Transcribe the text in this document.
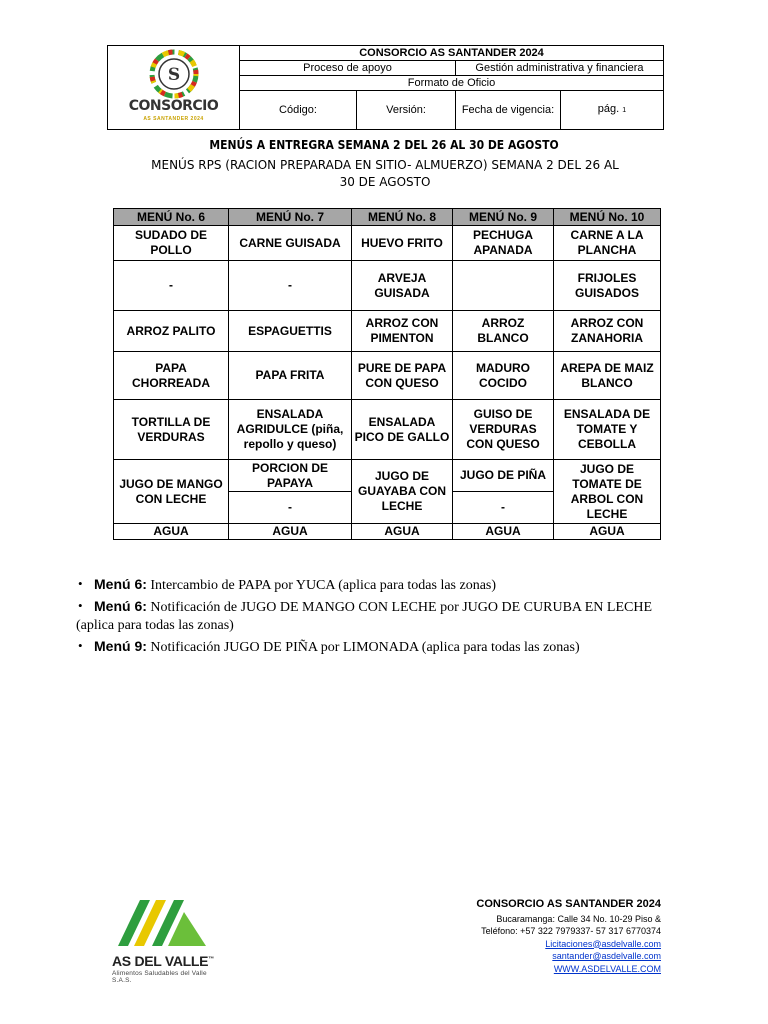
S
CONSORCIO
AS SANTANDER 2024	CONSORCIO AS SANTANDER 2024			
	Proceso de apoyo		Gestión administrativa y financiera	
	Formato de Oficio			
	Código:	Versión:	Fecha de vigencia:	pág. 1
MENÚS A ENTREGRA SEMANA 2 DEL 26 AL 30 DE AGOSTO
MENÚS RPS (RACION PREPARADA EN SITIO- ALMUERZO) SEMANA 2 DEL 26 AL 30 DE AGOSTO
MENÚ No. 6	MENÚ No. 7	MENÚ No. 8	MENÚ No. 9	MENÚ No. 10
SUDADO DE POLLO	CARNE GUISADA	HUEVO FRITO	PECHUGA APANADA	CARNE A LA PLANCHA
-	-	ARVEJA GUISADA		FRIJOLES GUISADOS
ARROZ PALITO	ESPAGUETTIS	ARROZ CON PIMENTON	ARROZ BLANCO	ARROZ CON ZANAHORIA
PAPA CHORREADA	PAPA FRITA	PURE DE PAPA CON QUESO	MADURO COCIDO	AREPA DE MAIZ BLANCO
TORTILLA DE VERDURAS	ENSALADA AGRIDULCE (piña, repollo y queso)	ENSALADA PICO DE GALLO	GUISO DE VERDURAS CON QUESO	ENSALADA DE TOMATE Y CEBOLLA
JUGO DE MANGO CON LECHE	PORCION DE PAPAYA	JUGO DE GUAYABA CON LECHE	JUGO DE PIÑA	JUGO DE TOMATE DE ARBOL CON LECHE
	-		-	
AGUA	AGUA	AGUA	AGUA	AGUA
• Menú 6: Intercambio de PAPA por YUCA (aplica para todas las zonas)
• Menú 6: Notificación de JUGO DE MANGO CON LECHE por JUGO DE CURUBA EN LECHE
(aplica para todas las zonas)
• Menú 9: Notificación JUGO DE PIÑA por LIMONADA (aplica para todas las zonas)
AS DEL VALLE™
Alimentos Saludables del Valle S.A.S.
CONSORCIO AS SANTANDER 2024
Bucaramanga: Calle 34 No. 10-29 Piso &
Teléfono: +57 322 7979337- 57 317 6770374
Licitaciones@asdelvalle.com
santander@asdelvalle.com
WWW.ASDELVALLE.COM
